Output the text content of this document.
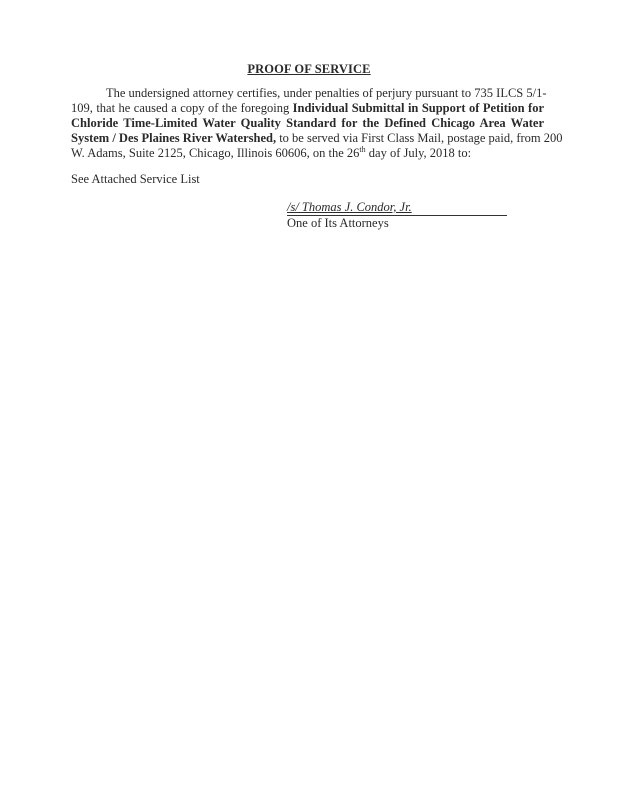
PROOF OF SERVICE
The undersigned attorney certifies, under penalties of perjury pursuant to 735 ILCS 5/1-
109, that he caused a copy of the foregoing Individual Submittal in Support of Petition for
Chloride Time-Limited Water Quality Standard for the Defined Chicago Area Water
System / Des Plaines River Watershed, to be served via First Class Mail, postage paid, from 200
W. Adams, Suite 2125, Chicago, Illinois 60606, on the 26th day of July, 2018 to:
See Attached Service List
/s/ Thomas J. Condor, Jr.
One of Its Attorneys
